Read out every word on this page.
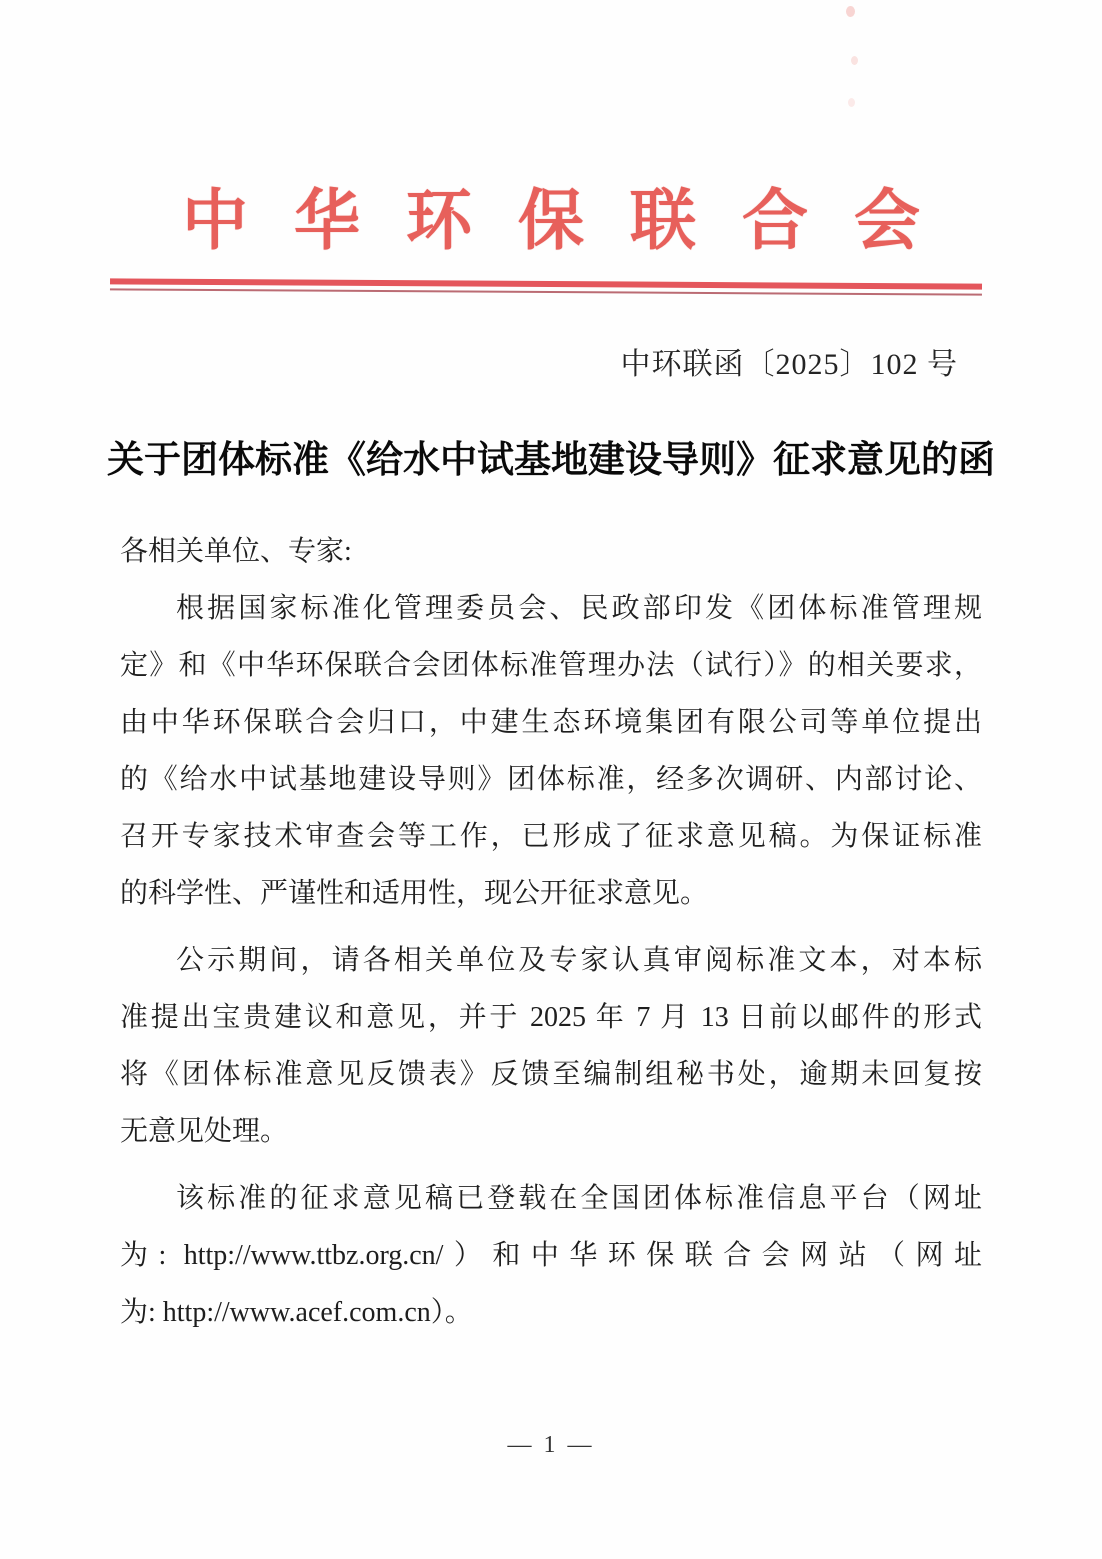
中华环保联合会
中环联函〔2025〕102 号
关于团体标准《给水中试基地建设导则》征求意见的函
各相关单位、专家:
根据国家标准化管理委员会、民政部印发《团体标准管理规
定》和《中华环保联合会团体标准管理办法（试行）》的相关要求，
由中华环保联合会归口，中建生态环境集团有限公司等单位提出
的《给水中试基地建设导则》团体标准，经多次调研、内部讨论、
召开专家技术审查会等工作，已形成了征求意见稿。为保证标准
的科学性、严谨性和适用性，现公开征求意见。
公示期间，请各相关单位及专家认真审阅标准文本，对本标
准提出宝贵建议和意见，并于 2025 年 7 月 13 日前以邮件的形式
将《团体标准意见反馈表》反馈至编制组秘书处，逾期未回复按
无意见处理。
该标准的征求意见稿已登载在全国团体标准信息平台（网址
为: http://www.ttbz.org.cn/）和中华环保联合会网站（网址
为: http://www.acef.com.cn）。
— 1 —
